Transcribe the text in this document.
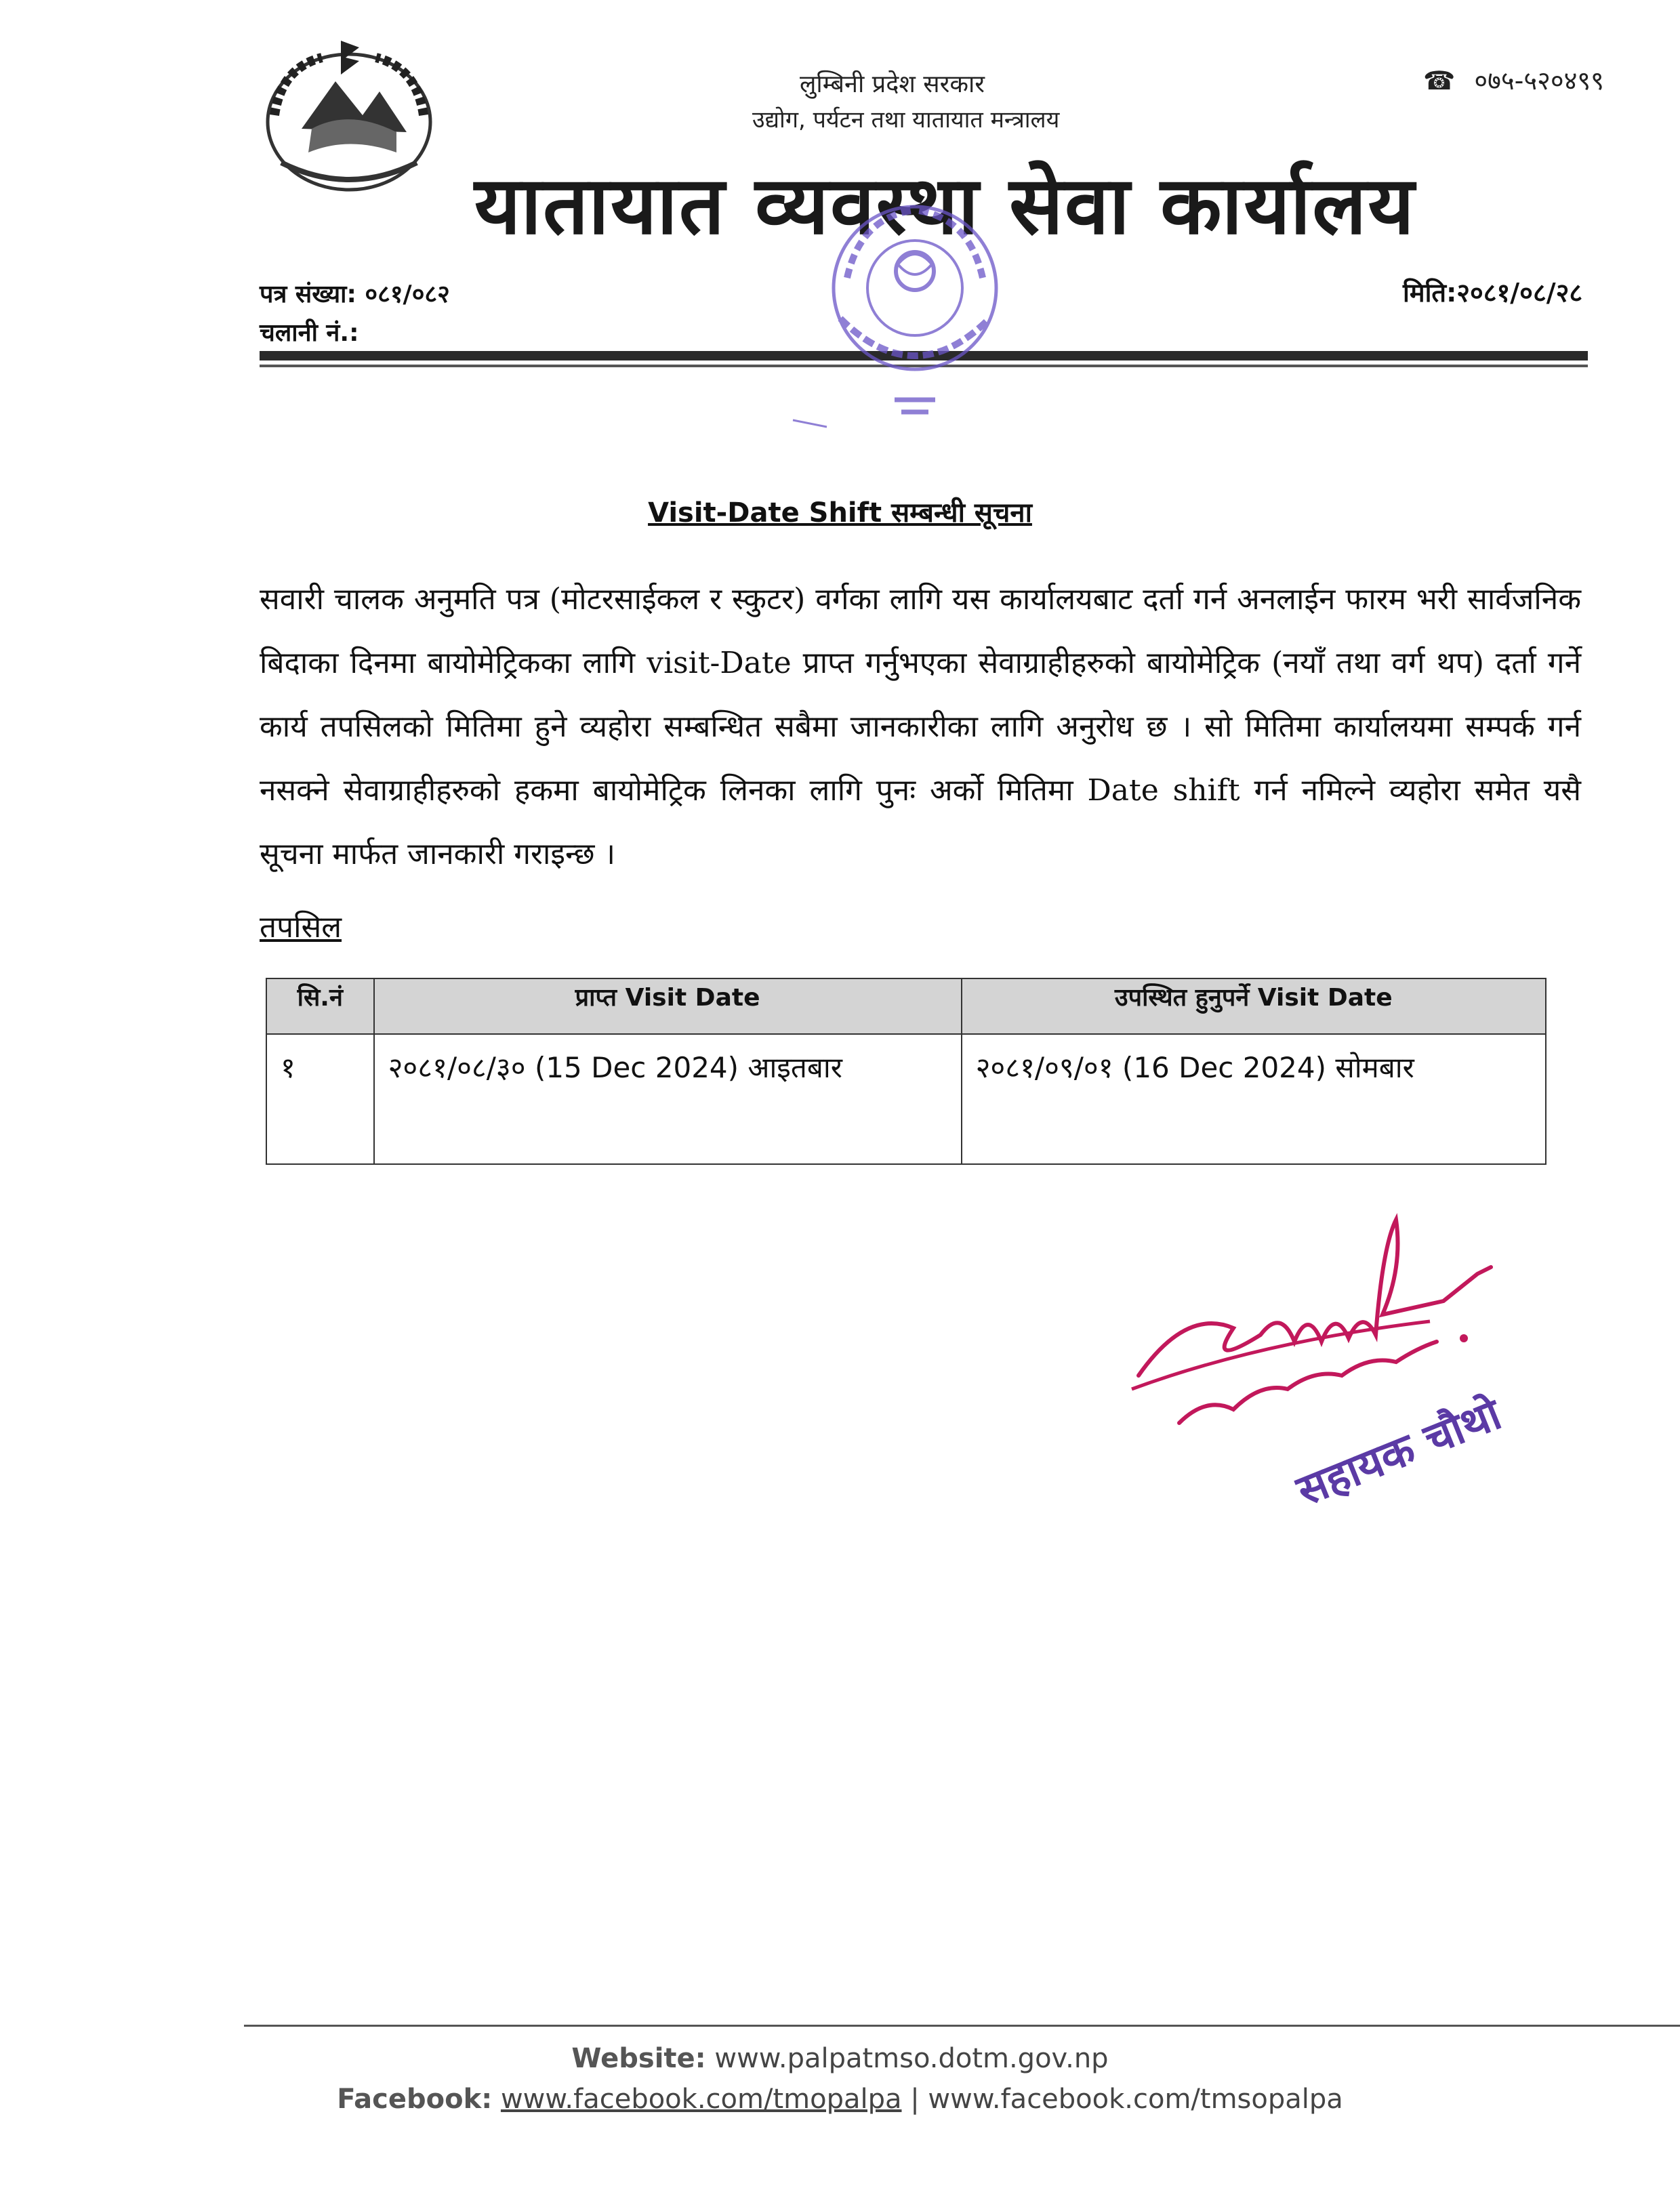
लुम्बिनी प्रदेश सरकार
उद्योग, पर्यटन तथा यातायात मन्त्रालय
यातायात व्यवस्था सेवा कार्यालय
☎ ०७५-५२०४९९
पत्र संख्या: ०८१/०८२
चलानी नं.:
मिति:२०८१/०८/२८
Visit-Date Shift सम्बन्धी सूचना
सवारी चालक अनुमति पत्र (मोटरसाईकल र स्कुटर) वर्गका लागि यस कार्यालयबाट दर्ता गर्न अनलाईन फारम भरी सार्वजनिक बिदाका दिनमा बायोमेट्रिकका लागि visit-Date प्राप्त गर्नुभएका सेवाग्राहीहरुको बायोमेट्रिक (नयाँ तथा वर्ग थप) दर्ता गर्ने कार्य तपसिलको मितिमा हुने व्यहोरा सम्बन्धित सबैमा जानकारीका लागि अनुरोध छ । सो मितिमा कार्यालयमा सम्पर्क गर्न नसक्ने सेवाग्राहीहरुको हकमा बायोमेट्रिक लिनका लागि पुनः अर्को मितिमा Date shift गर्न नमिल्ने व्यहोरा समेत यसै सूचना मार्फत जानकारी गराइन्छ ।
तपसिल
सि.नं	प्राप्त Visit Date	उपस्थित हुनुपर्ने Visit Date
१	२०८१/०८/३० (15 Dec 2024) आइतबार	२०८१/०९/०१ (16 Dec 2024) सोमबार
सहायक चौथो
Website: www.palpatmso.dotm.gov.np
Facebook: www.facebook.com/tmopalpa | www.facebook.com/tmsopalpa
